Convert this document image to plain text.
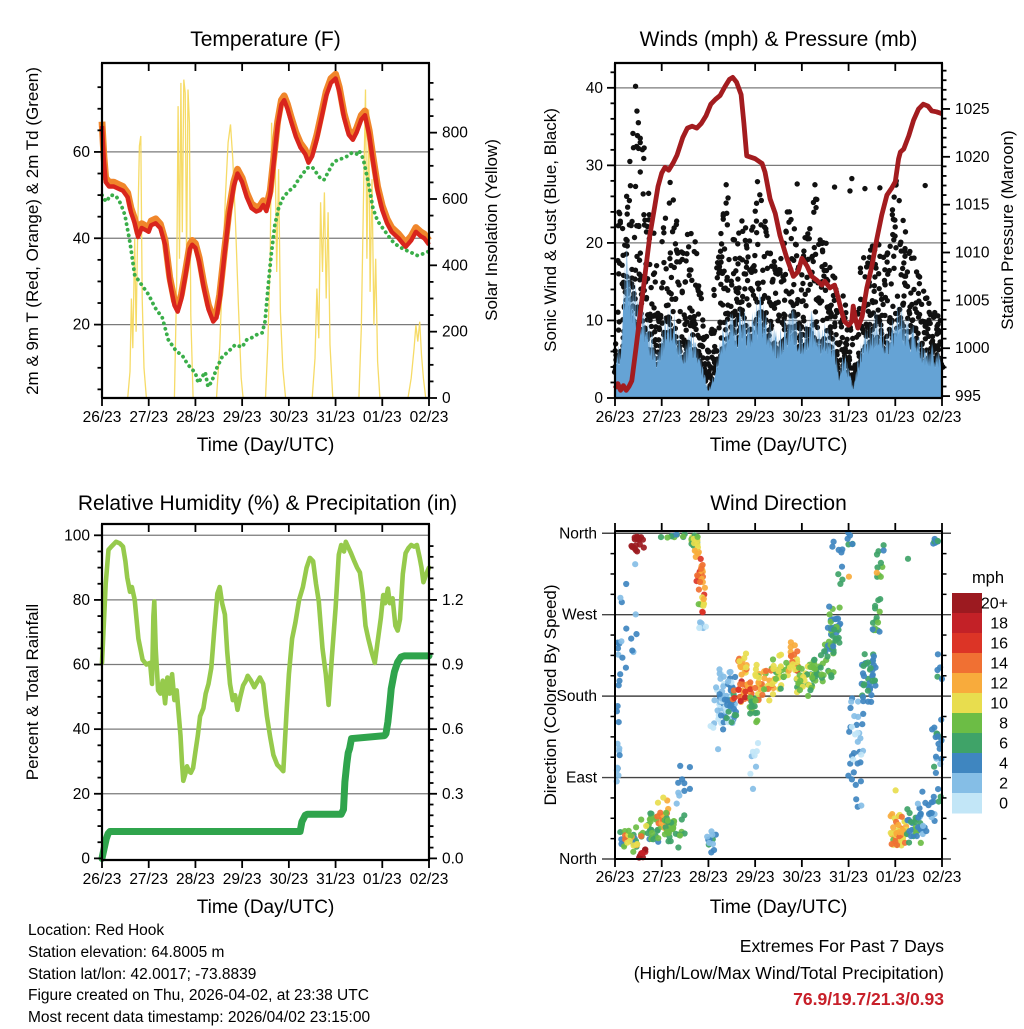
20
40
60
0
200
400
600
800
26/23 27/23 28/23 29/23 30/23 31/23 01/23 02/23
0
10
20
30
40
995
1000
1005
1010
1015
1020
1025
26/23 27/23 28/23 29/23 30/23 31/23 01/23 02/23
0
20
40
60
80
100
0.0
0.3
0.6
0.9
1.2
26/23 27/23 28/23 29/23 30/23 31/23 01/23 02/23
North
West
South
East
North
26/23 27/23 28/23 29/23 30/23 31/23 01/23 02/23
mph
20+
18
16
14
12
10
8
6
4
2
0
Temperature (F)	Winds (mph) & Pressure (mb)
Relative Humidity (%) & Precipitation (in)	Wind Direction
Time (Day/UTC)	Time (Day/UTC)
Time (Day/UTC)	Time (Day/UTC)
2m & 9m T (Red, Orange) & 2m Td (Green)	Solar Insolation (Yellow) Sonic Wind & Gust (Blue, Black)	Station Pressure (Maroon)
Percent & Total Rainfall	Direction (Colored By Speed)
Location: Red Hook
Station elevation: 64.8005 m
Station lat/lon: 42.0017; -73.8839
Figure created on Thu, 2026-04-02, at 23:38 UTC
Most recent data timestamp: 2026/04/02 23:15:00
Extremes For Past 7 Days
(High/Low/Max Wind/Total Precipitation)
76.9/19.7/21.3/0.93
